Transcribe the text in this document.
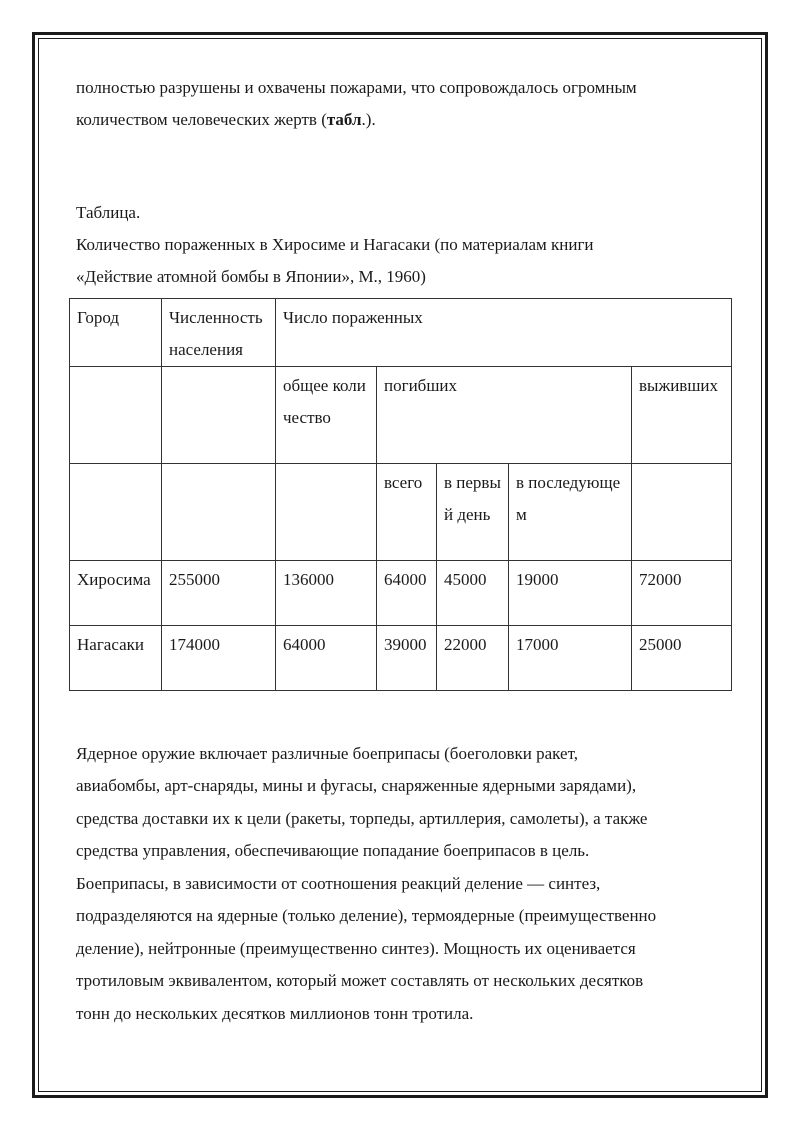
полностью разрушены и охвачены пожарами, что сопровождалось огромным
количеством человеческих жертв (табл.).
Таблица.
Количество пораженных в Хиросиме и Нагасаки (по материалам книги
«Действие атомной бомбы в Японии», М., 1960)
Город	Численность населения	Число пораженных				
		общее количество	погибших			выживших
			всего	в первый день	в последующем	
Хиросима	255000	136000	64000	45000	19000	72000
Нагасаки	174000	64000	39000	22000	17000	25000
Ядерное оружие включает различные боеприпасы (боеголовки ракет,
авиабомбы, арт-снаряды, мины и фугасы, снаряженные ядерными зарядами),
средства доставки их к цели (ракеты, торпеды, артиллерия, самолеты), а также
средства управления, обеспечивающие попадание боеприпасов в цель.
Боеприпасы, в зависимости от соотношения реакций деление — синтез,
подразделяются на ядерные (только деление), термоядерные (преимущественно
деление), нейтронные (преимущественно синтез). Мощность их оценивается
тротиловым эквивалентом, который может составлять от нескольких десятков
тонн до нескольких десятков миллионов тонн тротила.
